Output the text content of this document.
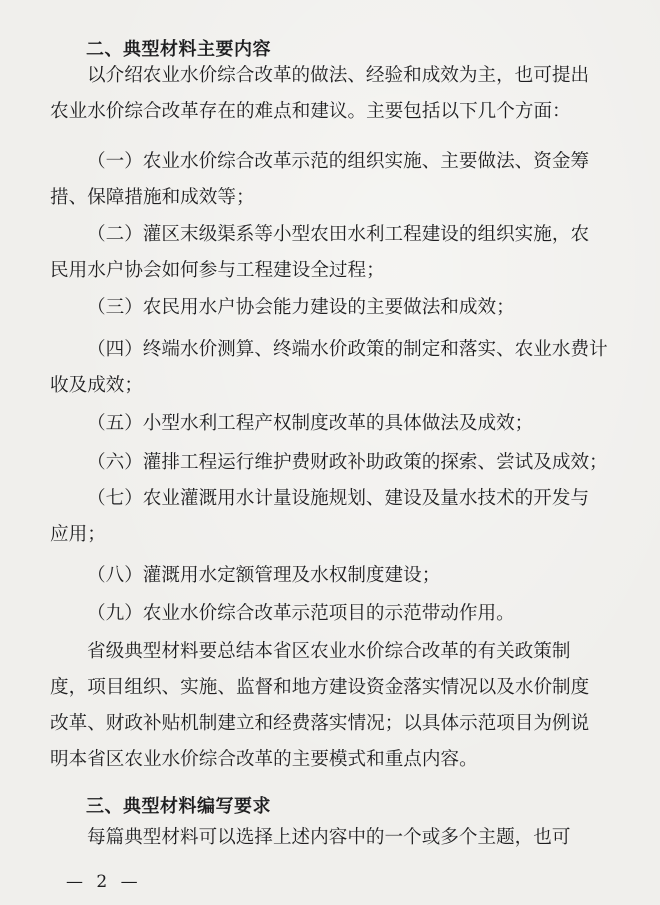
二、典型材料主要内容
以介绍农业水价综合改革的做法、经验和成效为主，也可提出
农业水价综合改革存在的难点和建议。主要包括以下几个方面：
（一）农业水价综合改革示范的组织实施、主要做法、资金筹
措、保障措施和成效等；
（二）灌区末级渠系等小型农田水利工程建设的组织实施，农
民用水户协会如何参与工程建设全过程；
（三）农民用水户协会能力建设的主要做法和成效；
（四）终端水价测算、终端水价政策的制定和落实、农业水费计
收及成效；
（五）小型水利工程产权制度改革的具体做法及成效；
（六）灌排工程运行维护费财政补助政策的探索、尝试及成效；
（七）农业灌溉用水计量设施规划、建设及量水技术的开发与
应用；
（八）灌溉用水定额管理及水权制度建设；
（九）农业水价综合改革示范项目的示范带动作用。
省级典型材料要总结本省区农业水价综合改革的有关政策制
度，项目组织、实施、监督和地方建设资金落实情况以及水价制度
改革、财政补贴机制建立和经费落实情况；以具体示范项目为例说
明本省区农业水价综合改革的主要模式和重点内容。
三、典型材料编写要求
每篇典型材料可以选择上述内容中的一个或多个主题，也可
— 2 —
